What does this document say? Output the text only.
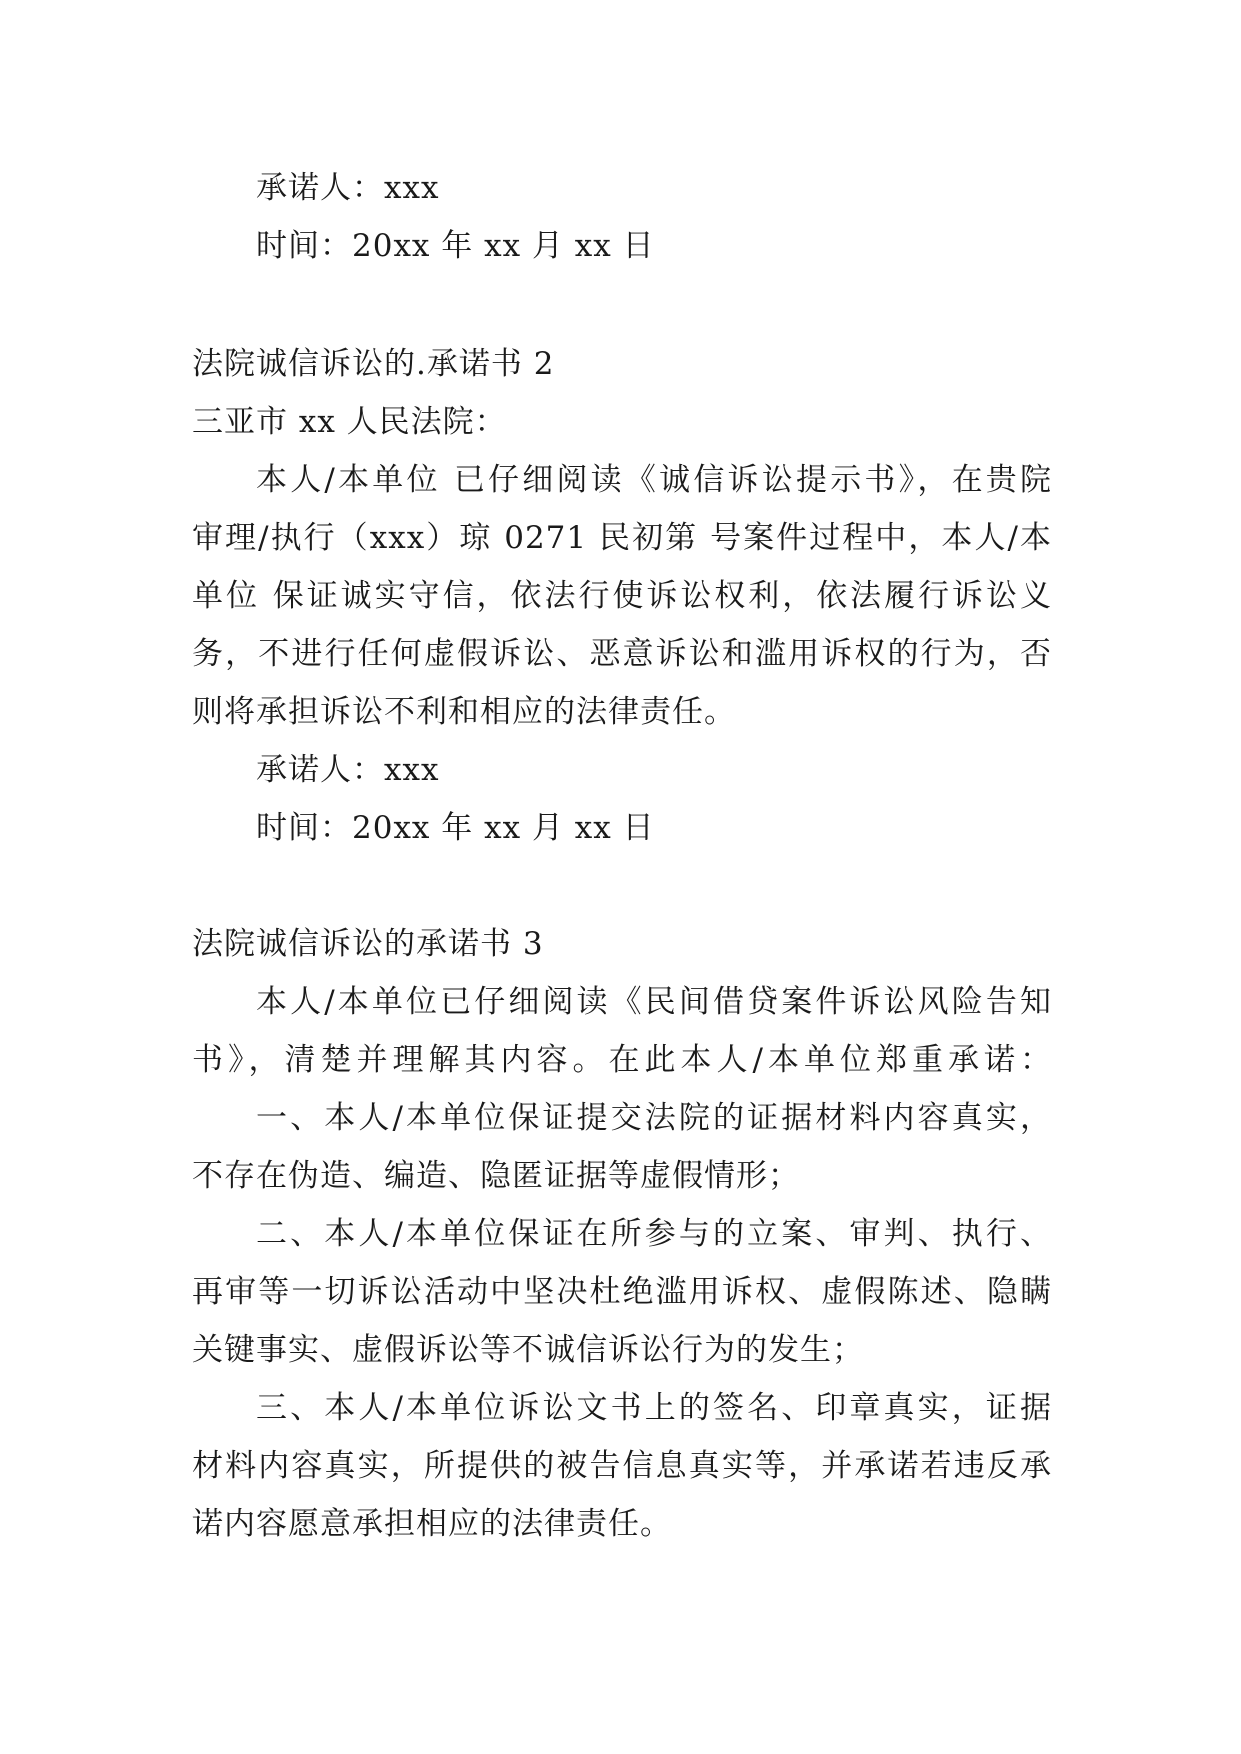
承诺人：xxx
时间：20xx 年 xx 月 xx 日
法院诚信诉讼的.承诺书 2
三亚市 xx 人民法院：
本人/本单位 已仔细阅读《诚信诉讼提示书》，在贵院
审理/执行（xxx）琼 0271 民初第 号案件过程中，本人/本
单位 保证诚实守信，依法行使诉讼权利，依法履行诉讼义
务，不进行任何虚假诉讼、恶意诉讼和滥用诉权的行为，否
则将承担诉讼不利和相应的法律责任。
承诺人：xxx
时间：20xx 年 xx 月 xx 日
法院诚信诉讼的承诺书 3
本人/本单位已仔细阅读《民间借贷案件诉讼风险告知
书》，清楚并理解其内容。在此本人/本单位郑重承诺：
一、本人/本单位保证提交法院的证据材料内容真实，
不存在伪造、编造、隐匿证据等虚假情形；
二、本人/本单位保证在所参与的立案、审判、执行、
再审等一切诉讼活动中坚决杜绝滥用诉权、虚假陈述、隐瞒
关键事实、虚假诉讼等不诚信诉讼行为的发生；
三、本人/本单位诉讼文书上的签名、印章真实，证据
材料内容真实，所提供的被告信息真实等，并承诺若违反承
诺内容愿意承担相应的法律责任。
